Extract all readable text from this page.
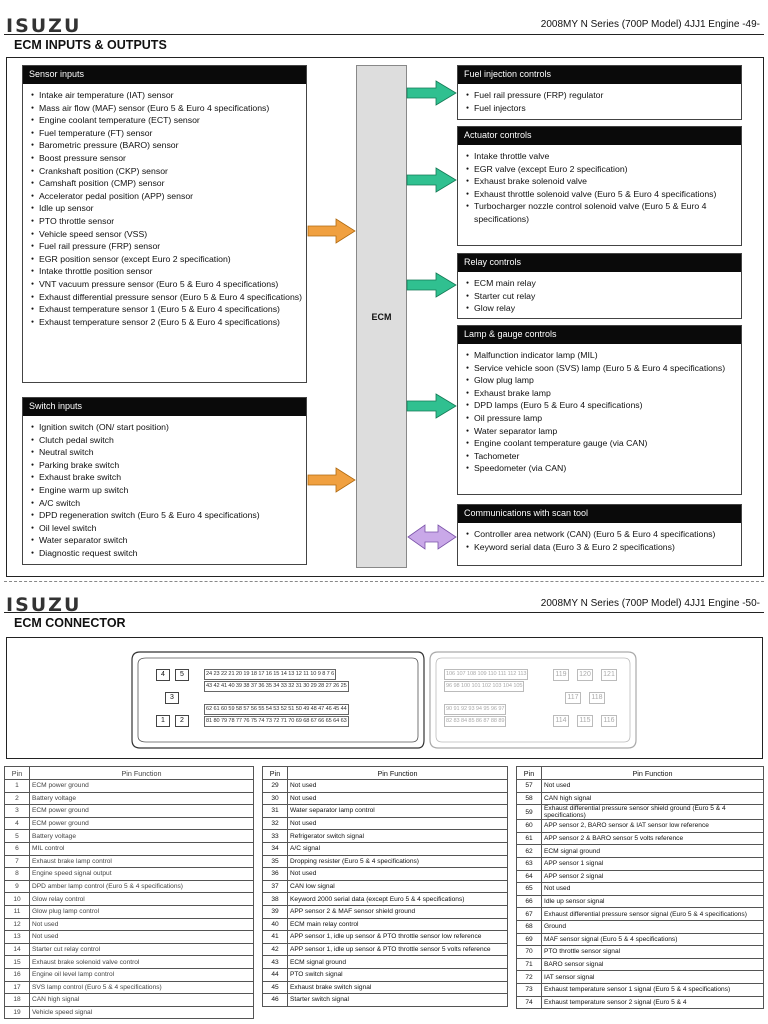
ISUZU	2008MY N Series (700P Model) 4JJ1 Engine -49-
ECM INPUTS & OUTPUTS
Sensor inputs
● Intake air temperature (IAT) sensor
● Mass air flow (MAF) sensor (Euro 5 & Euro 4 specifications)
● Engine coolant temperature (ECT) sensor
● Fuel temperature (FT) sensor
● Barometric pressure (BARO) sensor
● Boost pressure sensor
● Crankshaft position (CKP) sensor
● Camshaft position (CMP) sensor
● Accelerator pedal position (APP) sensor
● Idle up sensor
● PTO throttle sensor
● Vehicle speed sensor (VSS)
● Fuel rail pressure (FRP) sensor
● EGR position sensor (except Euro 2 specification)
● Intake throttle position sensor
● VNT vacuum pressure sensor (Euro 5 & Euro 4 specifications)
● Exhaust differential pressure sensor (Euro 5 & Euro 4 specifications)
● Exhaust temperature sensor 1 (Euro 5 & Euro 4 specifications)
● Exhaust temperature sensor 2 (Euro 5 & Euro 4 specifications)
Switch inputs
● Ignition switch (ON/ start position)
● Clutch pedal switch
● Neutral switch
● Parking brake switch
● Exhaust brake switch
● Engine warm up switch
● A/C switch
● DPD regeneration switch (Euro 5 & Euro 4 specifications)
● Oil level switch
● Water separator switch
● Diagnostic request switch
ECM
Fuel injection controls
● Fuel rail pressure (FRP) regulator
● Fuel injectors
Actuator controls
● Intake throttle valve
● EGR valve (except Euro 2 specification)
● Exhaust brake solenoid valve
● Exhaust throttle solenoid valve (Euro 5 & Euro 4 specifications)
● Turbocharger nozzle control solenoid valve (Euro 5 & Euro 4 specifications)
Relay controls
● ECM main relay
● Starter cut relay
● Glow relay
Lamp & gauge controls
● Malfunction indicator lamp (MIL)
● Service vehicle soon (SVS) lamp (Euro 5 & Euro 4 specifications)
● Glow plug lamp
● Exhaust brake lamp
● DPD lamps (Euro 5 & Euro 4 specifications)
● Oil pressure lamp
● Water separator lamp
● Engine coolant temperature gauge (via CAN)
● Tachometer
● Speedometer (via CAN)
Communications with scan tool
● Controller area network (CAN) (Euro 5 & Euro 4 specifications)
● Keyword serial data (Euro 3 & Euro 2 specifications)
ISUZU	2008MY N Series (700P Model) 4JJ1 Engine -50-
ECM CONNECTOR
4	5
3
1	2
24 23 22 21 20 19 18 17 16 15 14 13 12 11 10 9 8 7 6
43 42 41 40 39 38 37 36 35 34 33 32 31 30 29 28 27 26 25
62 61 60 59 58 57 56 55 54 53 52 51 50 49 48 47 46 45 44
81 80 79 78 77 76 75 74 73 72 71 70 69 68 67 66 65 64 63
106 107 108 109 110 111 112 113
96 98 100 101 102 103 104 105
90 91 92 93 94 95 96 97
82 83 84 85 86 87 88 89
119	120	121
117	118
114	115	116
Pin	Pin Function
1	ECM power ground
2	Battery voltage
3	ECM power ground
4	ECM power ground
5	Battery voltage
6	MIL control
7	Exhaust brake lamp control
8	Engine speed signal output
9	DPD amber lamp control (Euro 5 & 4 specifications)
10	Glow relay control
11	Glow plug lamp control
12	Not used
13	Not used
14	Starter cut relay control
15	Exhaust brake solenoid valve control
16	Engine oil level lamp control
17	SVS lamp control (Euro 5 & 4 specifications)
18	CAN high signal
19	Vehicle speed signal
Pin	Pin Function
29	Not used
30	Not used
31	Water separator lamp control
32	Not used
33	Refrigerator switch signal
34	A/C signal
35	Dropping resister (Euro 5 & 4 specifications)
36	Not used
37	CAN low signal
38	Keyword 2000 serial data (except Euro 5 & 4 specifications)
39	APP sensor 2 & MAF sensor shield ground
40	ECM main relay control
41	APP sensor 1, idle up sensor & PTO throttle sensor low reference
42	APP sensor 1, idle up sensor & PTO throttle sensor 5 volts reference
43	ECM signal ground
44	PTO switch signal
45	Exhaust brake switch signal
46	Starter switch signal
Pin	Pin Function
57	Not used
58	CAN high signal
59	Exhaust differential pressure sensor shield ground (Euro 5 & 4 specifications)
60	APP sensor 2, BARO sensor & IAT sensor low reference
61	APP sensor 2 & BARO sensor 5 volts reference
62	ECM signal ground
63	APP sensor 1 signal
64	APP sensor 2 signal
65	Not used
66	Idle up sensor signal
67	Exhaust differential pressure sensor signal (Euro 5 & 4 specifications)
68	Ground
69	MAF sensor signal (Euro 5 & 4 specifications)
70	PTO throttle sensor signal
71	BARO sensor signal
72	IAT sensor signal
73	Exhaust temperature sensor 1 signal (Euro 5 & 4 specifications)
74	Exhaust temperature sensor 2 signal (Euro 5 & 4
